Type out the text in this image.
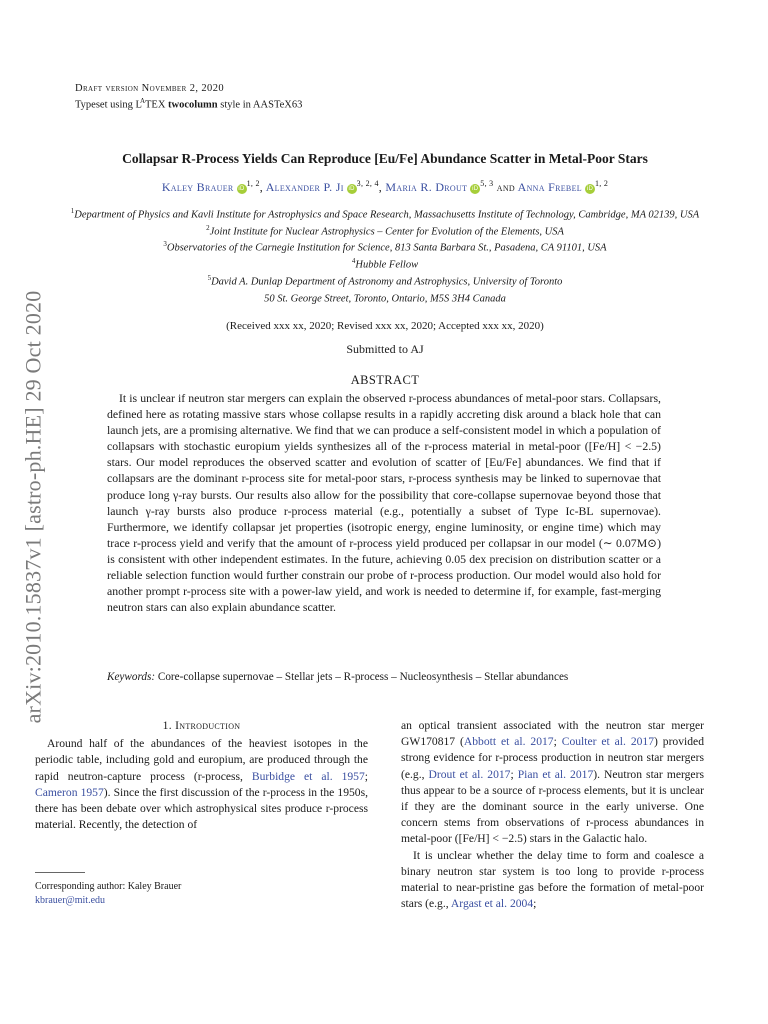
arXiv:2010.15837v1 [astro-ph.HE] 29 Oct 2020
Draft version November 2, 2020
Typeset using $L^ATEX$ twocolumn style in AASTeX63
Collapsar R-Process Yields Can Reproduce [Eu/Fe] Abundance Scatter in Metal-Poor Stars
Kaley Brauer iD$^{1, 2}$, Alexander P. Ji iD$^{3, 2, 4}$, Maria R. Drout iD$^{5, 3}$ and Anna Frebel iD$^{1, 2}$
$^1$Department of Physics and Kavli Institute for Astrophysics and Space Research, Massachusetts Institute of Technology, Cambridge, MA 02139, USA
$^2$Joint Institute for Nuclear Astrophysics – Center for Evolution of the Elements, USA
$^3$Observatories of the Carnegie Institution for Science, 813 Santa Barbara St., Pasadena, CA 91101, USA
$^4$Hubble Fellow
$^5$David A. Dunlap Department of Astronomy and Astrophysics, University of Toronto
50 St. George Street, Toronto, Ontario, M5S 3H4 Canada
(Received xxx xx, 2020; Revised xxx xx, 2020; Accepted xxx xx, 2020)
Submitted to AJ
ABSTRACT
It is unclear if neutron star mergers can explain the observed r-process abundances of metal-poor stars. Collapsars, defined here as rotating massive stars whose collapse results in a rapidly accreting disk around a black hole that can launch jets, are a promising alternative. We find that we can produce a self-consistent model in which a population of collapsars with stochastic europium yields synthesizes all of the r-process material in metal-poor ([Fe/H] < −2.5) stars. Our model reproduces the observed scatter and evolution of scatter of [Eu/Fe] abundances. We find that if collapsars are the dominant r-process site for metal-poor stars, r-process synthesis may be linked to supernovae that produce long γ-ray bursts. Our results also allow for the possibility that core-collapse supernovae beyond those that launch γ-ray bursts also produce r-process material (e.g., potentially a subset of Type Ic-BL supernovae). Furthermore, we identify collapsar jet properties (isotropic energy, engine luminosity, or engine time) which may trace r-process yield and verify that the amount of r-process yield produced per collapsar in our model (∼ 0.07M⊙) is consistent with other independent estimates. In the future, achieving 0.05 dex precision on distribution scatter or a reliable selection function would further constrain our probe of r-process production. Our model would also hold for another prompt r-process site with a power-law yield, and work is needed to determine if, for example, fast-merging neutron stars can also explain abundance scatter.
Keywords: Core-collapse supernovae – Stellar jets – R-process – Nucleosynthesis – Stellar abundances
1. Introduction

Around half of the abundances of the heaviest isotopes in the periodic table, including gold and europium, are produced through the rapid neutron-capture process (r-process, Burbidge et al. 1957; Cameron 1957). Since the first discussion of the r-process in the 1950s, there has been debate over which astrophysical sites produce r-process material. Recently, the detection of

Corresponding author: Kaley Brauer
kbrauer@mit.edu

an optical transient associated with the neutron star merger GW170817 (Abbott et al. 2017; Coulter et al. 2017) provided strong evidence for r-process production in neutron star mergers (e.g., Drout et al. 2017; Pian et al. 2017). Neutron star mergers thus appear to be a source of r-process elements, but it is unclear if they are the dominant source in the early universe. One concern stems from observations of r-process abundances in metal-poor ([Fe/H] < −2.5) stars in the Galactic halo.

It is unclear whether the delay time to form and coalesce a binary neutron star system is too long to provide r-process material to near-pristine gas before the formation of metal-poor stars (e.g., Argast et al. 2004;
